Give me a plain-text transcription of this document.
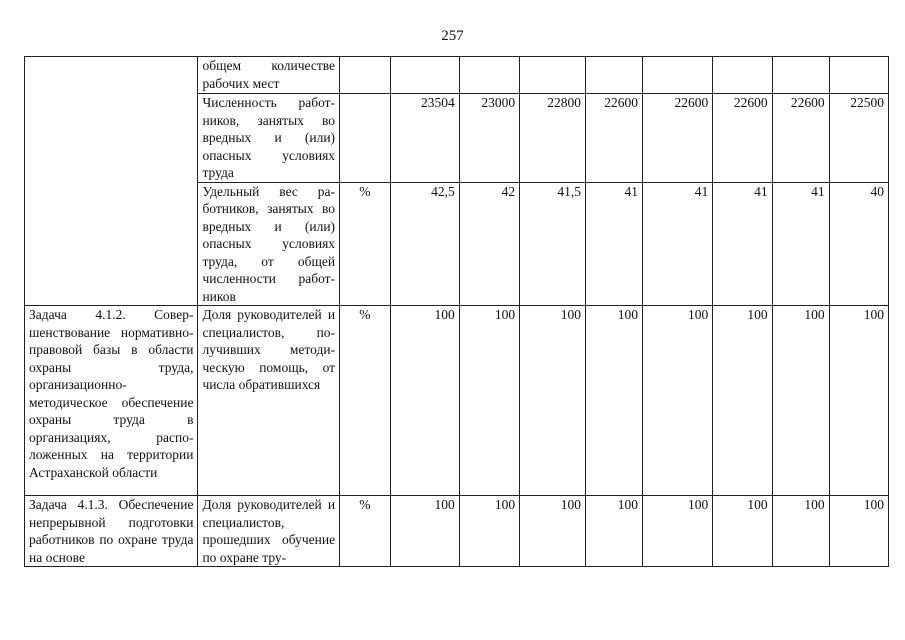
257
	общем количестве рабочих мест									
	Численность работников, занятых во вредных и (или) опасных условиях труда		23504	23000	22800	22600	22600	22600	22600	22500
	Удельный вес работников, занятых во вредных и (или) опасных условиях труда, от общей численности работников	%	42,5	42	41,5	41	41	41	41	40
Задача 4.1.2. Совершенствование нормативно-правовой базы в области охраны труда, организационно-методическое обеспечение охраны труда в организациях, расположенных на территории Астраханской области	Доля руководителей и специалистов, получивших методическую помощь, от числа обратившихся	%	100	100	100	100	100	100	100	100
Задача 4.1.3. Обеспечение непрерывной подготовки работников по охране труда на основе	Доля руководителей и специалистов, прошедших обучение по охране тру-	%	100	100	100	100	100	100	100	100
